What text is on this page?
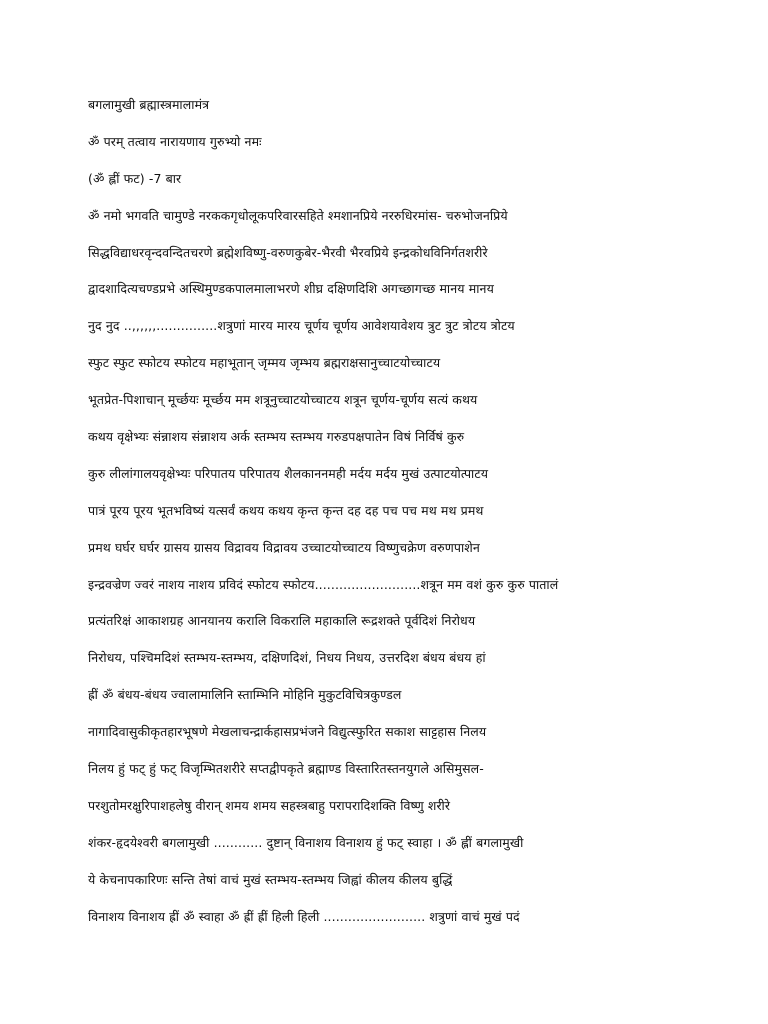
बगलामुखी ब्रह्मास्त्रमालामंत्र
ॐ परम् तत्वाय नारायणाय गुरुभ्यो नमः
(ॐ ह्लीं फट) -7 बार
ॐ नमो भगवति चामुण्डे नरककगृधोलूकपरिवारसहिते श्मशानप्रिये नररुधिरमांस- चरुभोजनप्रिये
सिद्धविद्याधरवृन्दवन्दितचरणे ब्रह्मेशविष्णु-वरुणकुबेर-भैरवी भैरवप्रिये इन्द्रकोधविनिर्गतशरीरे
द्वादशादित्यचण्डप्रभे अस्थिमुण्डकपालमालाभरणे शीघ्र दक्षिणदिशि अगच्छागच्छ मानय मानय
नुद नुद ..,,,,,,...............शत्रुणां मारय मारय चूर्णय चूर्णय आवेशयावेशय त्रुट त्रुट त्रोटय त्रोटय
स्फुट स्फुट स्फोटय स्फोटय महाभूतान् जृम्मय जृम्भय ब्रह्मराक्षसानुच्चाटयोच्चाटय
भूतप्रेत-पिशाचान् मूर्च्छयः मूर्च्छय मम शत्रूनुच्चाटयोच्चाटय शत्रून चूर्णय-चूर्णय सत्यं कथय
कथय वृक्षेभ्यः संन्नाशय संन्नाशय अर्क स्तम्भय स्तम्भय गरुडपक्षपातेन विषं निर्विषं कुरु
कुरु लीलांगालयवृक्षेभ्यः परिपातय परिपातय शैलकाननमही मर्दय मर्दय मुखं उत्पाटयोत्पाटय
पात्रं पूरय पूरय भूतभविष्यं यत्सर्वं कथय कथय कृन्त कृन्त दह दह पच पच मथ मथ प्रमथ
प्रमथ घर्घर घर्घर ग्रासय ग्रासय विद्रावय विद्रावय उच्चाटयोच्चाटय विष्णुचक्रेण वरुणपाशेन
इन्द्रवज्रेण ज्वरं नाशय नाशय प्रविदं स्फोटय स्फोटय..........................शत्रून मम वशं कुरु कुरु पातालं
प्रत्यंतरिक्षं आकाशग्रह आनयानय करालि विकरालि महाकालि रूद्रशक्ते पूर्वदिशं निरोधय
निरोधय, पश्चिमदिशं स्तम्भय-स्तम्भय, दक्षिणदिशं, निधय निधय, उत्तरदिश बंधय बंधय हां
ह्रीं ॐ बंधय-बंधय ज्वालामालिनि स्ताम्भिनि मोहिनि मुकुटविचित्रकुण्डल
नागादिवासुकीकृतहारभूषणे मेखलाचन्द्रार्कहासप्रभंजने विद्युत्स्फुरित सकाश साट्टहास निलय
निलय हुं फट् हुं फट् विजृम्भितशरीरे सप्तद्वीपकृते ब्रह्माण्ड विस्तारितस्तनयुगले असिमुसल-
परशुतोमरक्षुरिपाशहलेषु वीरान् शमय शमय सहस्त्रबाहु परापरादिशक्ति विष्णु शरीरे
शंकर-हृदयेश्वरी बगलामुखी ............ दुष्टान् विनाशय विनाशय हुं फट् स्वाहा । ॐ ह्लीं बगलामुखी
ये केचनापकारिणः सन्ति तेषां वाचं मुखं स्तम्भय-स्तम्भय जिह्वां कीलय कीलय बुद्धिं
विनाशय विनाशय ह्रीं ॐ स्वाहा ॐ ह्रीं ह्रीं हिली हिली ......................... शत्रुणां वाचं मुखं पदं
